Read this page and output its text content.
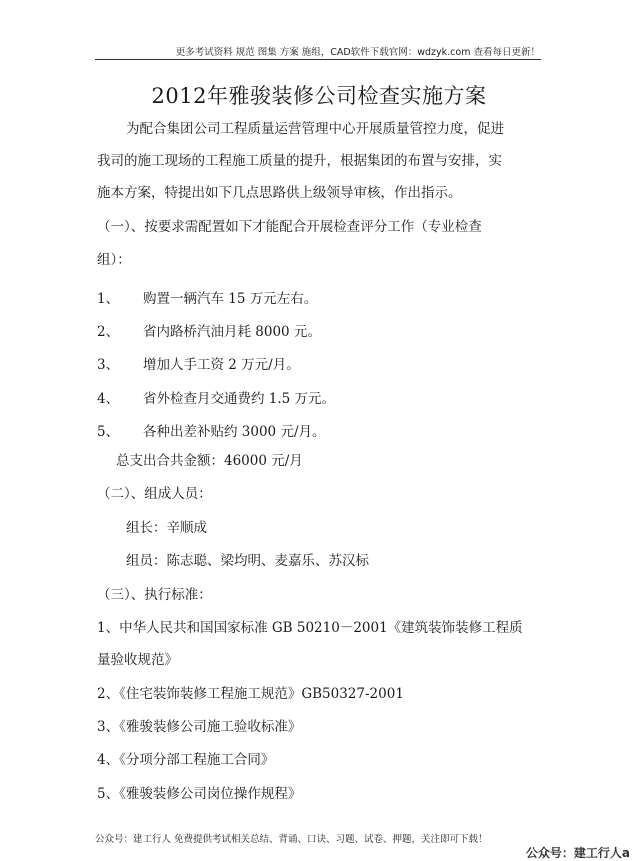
更多考试资料 规范 图集 方案 施组，CAD软件下载官网：wdzyk.com 查看每日更新！
2012年雅骏装修公司检查实施方案
为配合集团公司工程质量运营管理中心开展质量管控力度，促进
我司的施工现场的工程施工质量的提升，根据集团的布置与安排，实
施本方案，特提出如下几点思路供上级领导审核，作出指示。
（一）、按要求需配置如下才能配合开展检查评分工作（专业检查
组）：
1、 购置一辆汽车 15 万元左右。
2、 省内路桥汽油月耗 8000 元。
3、 增加人手工资 2 万元/月。
4、 省外检查月交通费约 1.5 万元。
5、 各种出差补贴约 3000 元/月。
总支出合共金额：46000 元/月
（二）、组成人员：
组长：辛顺成
组员：陈志聪、梁均明、麦嘉乐、苏汉标
（三）、执行标准：
1、中华人民共和国国家标准 GB 50210－2001《建筑装饰装修工程质
量验收规范》
2、《住宅装饰装修工程施工规范》GB50327-2001
3、《雅骏装修公司施工验收标准》
4、《分项分部工程施工合同》
5、《雅骏装修公司岗位操作规程》
公众号：建工行人 免费提供考试相关总结、背诵、口诀、习题、试卷、押题，关注即可下载！
公众号：建工行人a
